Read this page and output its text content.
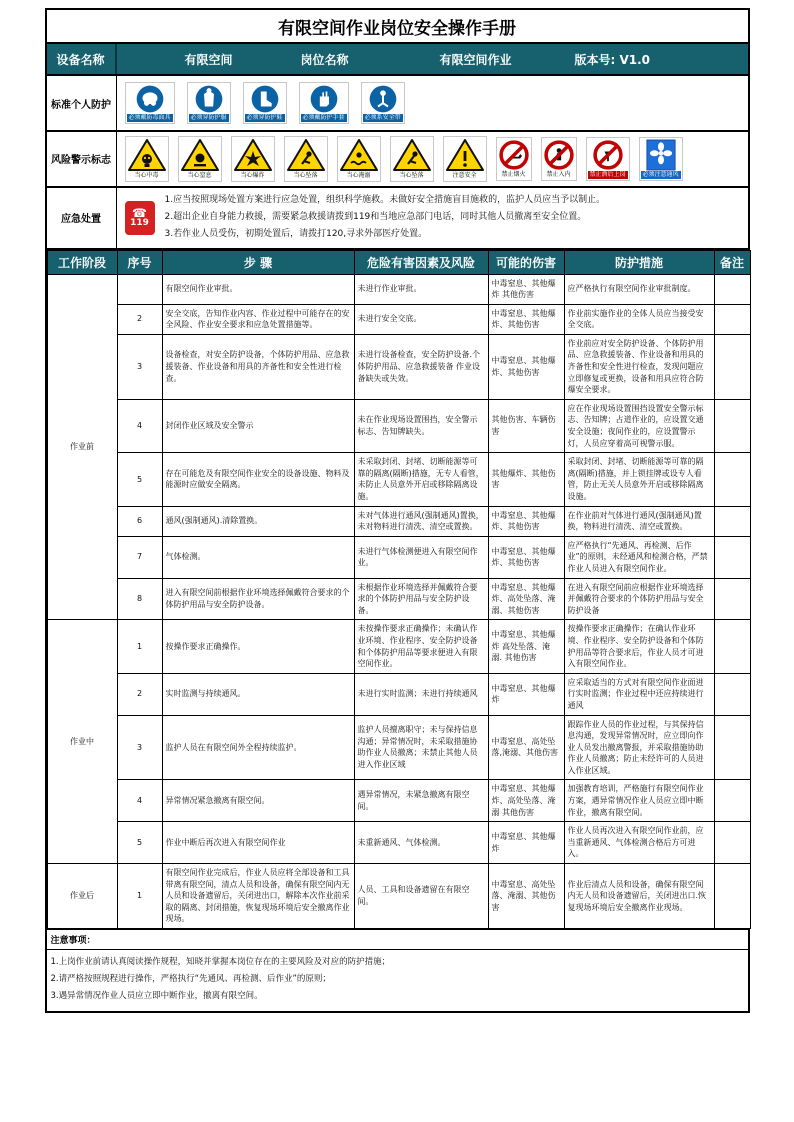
有限空间作业岗位安全操作手册
设备名称	有限空间	岗位名称	有限空间作业	版本号: V1.0
标准个人防护
必须戴防毒面具	必须穿防护服	必须穿防护鞋	必须戴防护手套	必须系安全带
风险警示标志
当心中毒	当心窒息	当心爆炸	当心坠落	当心淹溺	当心坠落	注意安全	禁止烟火	禁止入内	禁止酒后上岗	必须注意通风
应急处置	☎
119
1.应当按照现场处置方案进行应急处置，组织科学施救。未做好安全措施盲目施救的，监护人员应当予以制止。
2.超出企业自身能力救援，需要紧急救援请拨到119和当地应急部门电话，同时其他人员撤离至安全位置。
3.若作业人员受伤，初期处置后，请拨打120,寻求外部医疗处置。
工作阶段	序号	步 骤	危险有害因素及风险	可能的伤害	防护措施	备注
作业前		有限空间作业审批。	未进行作业审批。	中毒窒息、其他爆炸 其他伤害	应严格执行有限空间作业审批制度。	
	2	安全交底，告知作业内容、作业过程中可能存在的安全风险、作业安全要求和应急处置措施等。	未进行安全交底。	中毒窒息、其他爆炸、其他伤害	作业前实施作业的全体人员应当接受安全交底。	
	3	设备检查，对安全防护设备，个体防护用品、应急救援装备、作业设备和用具的齐备性和安全性进行检查。	未进行设备检查，安全防护设备.个体防护用品、应急救援装备 作业设备缺失或失效。	中毒窒息、其他爆炸、其他伤害	作业前应对安全防护设备、个体防护用品、应急救援装备、作业设备和用具的齐备性和安全性进行检查，发现问题应立即修复或更换，设备和用具应符合防爆安全要求。	
	4	封闭作业区域及安全警示	未在作业现场设置围挡，安全警示标志、告知牌缺失。	其他伤害、车辆伤害	应在作业现场设置围挡设置安全警示标志、告知牌；占道作业的，应设置交通安全设施；夜间作业的，应设置警示灯，人员应穿着高可视警示服。	
	5	存在可能危及有限空间作业安全的设备设施、物料及能源时应做安全隔离。	未采取封闭、封堵、切断能源等可靠的隔离(隔断)措施，无专人看管，未防止人员意外开启或移除隔离设施。	其他爆炸、其他伤害	采取封闭、封堵、切断能源等可靠的隔离(隔断)措施，并上锁挂牌或设专人看管，防止无关人员意外开启或移除隔离设施。	
	6	通风(强制通风).清除置换。	未对气体进行通风(强制通风)置换，未对物料进行清洗、清空或置换。	中毒窒息、其他爆炸、其他伤害	在作业前对气体进行通风(强制通风)置换，物料进行清洗、清空或置换。	
	7	气体检测。	未进行气体检测便进入有限空间作业。	中毒窒息、其他爆炸、其他伤害	应严格执行“先通风、再检测、后作业”的原则，未经通风和检测合格，严禁作业人员进入有限空间作业。	
	8	进入有限空间前根据作业环境选择佩戴符合要求的个体防护用品与安全防护设备。	未根据作业环境选择并佩戴符合要求的个体防护用品与安全防护设备。	中毒窒息、其他爆炸、高处坠落、淹溺、其他伤害	在进入有限空间前应根据作业环境选择并佩戴符合要求的个体防护用品与安全防护设备	
作业中	1	按操作要求正确操作。	未按操作要求正确操作；未确认作业环境、作业程序、安全防护设备和个体防护用品等要求便进入有限空间作业。	中毒窒息、其他爆炸 高处坠落、淹溺. 其他伤害	按操作要求正确操作；在确认作业环境、作业程序、安全防护设备和个体防护用品等符合要求后，作业人员才可进入有限空间作业。	
	2	实时监测与持续通风。	未进行实时监测；未进行持续通风	中毒窒息、其他爆炸	应采取适当的方式对有限空间作业面进行实时监测；作业过程中还应持续进行通风	
	3	监护人员在有限空间外全程持续监护。	监护人员擅离职守；未与保持信息沟通；异常情况时，未采取措施协助作业人员撤离；未禁止其他人员进入作业区域	中毒窒息、高处坠落,淹溺、其他伤害	跟踪作业人员的作业过程，与其保持信息沟通，发现异常情况时，应立即向作业人员发出撤离警报，并采取措施协助作业人员撤离；防止未经许可的人员进入作业区域。	
	4	异常情况紧急撤离有限空间。	遇异常情况，未紧急撤离有限空间。	中毒窒息、其他爆炸、高处坠落、淹溺 其他伤害	加强教育培训，严格施行有限空间作业方案，遇异常情况作业人员应立即中断作业，撤离有限空间。	
	5	作业中断后再次进入有限空间作业	未重新通风、气体检测。	中毒窒息、其他爆炸	作业人员再次进入有限空间作业前，应当重新通风、气体检测合格后方可进入。	
作业后	1	有限空间作业完成后，作业人员应将全部设备和工具带离有限空间，清点人员和设备，确保有限空间内无人员和设备遗留后，关闭进出口，解除本次作业前采取的隔离、封闭措施，恢复现场环境后安全撤离作业现场。	人员、工具和设备遗留在有限空间。	中毒窒息、高处坠落、淹溺、其他伤害	作业后清点人员和设备，确保有限空间内无人员和设备遗留后，关闭进出口.恢复现场环境后安全撤离作业现场。	
注意事项：
1.上岗作业前请认真阅读操作规程，知晓并掌握本岗位存在的主要风险及对应的防护措施；
2.请严格按照规程进行操作，严格执行“先通风、再检测、后作业”的原则；
3.遇异常情况作业人员应立即中断作业，撤离有限空间。
